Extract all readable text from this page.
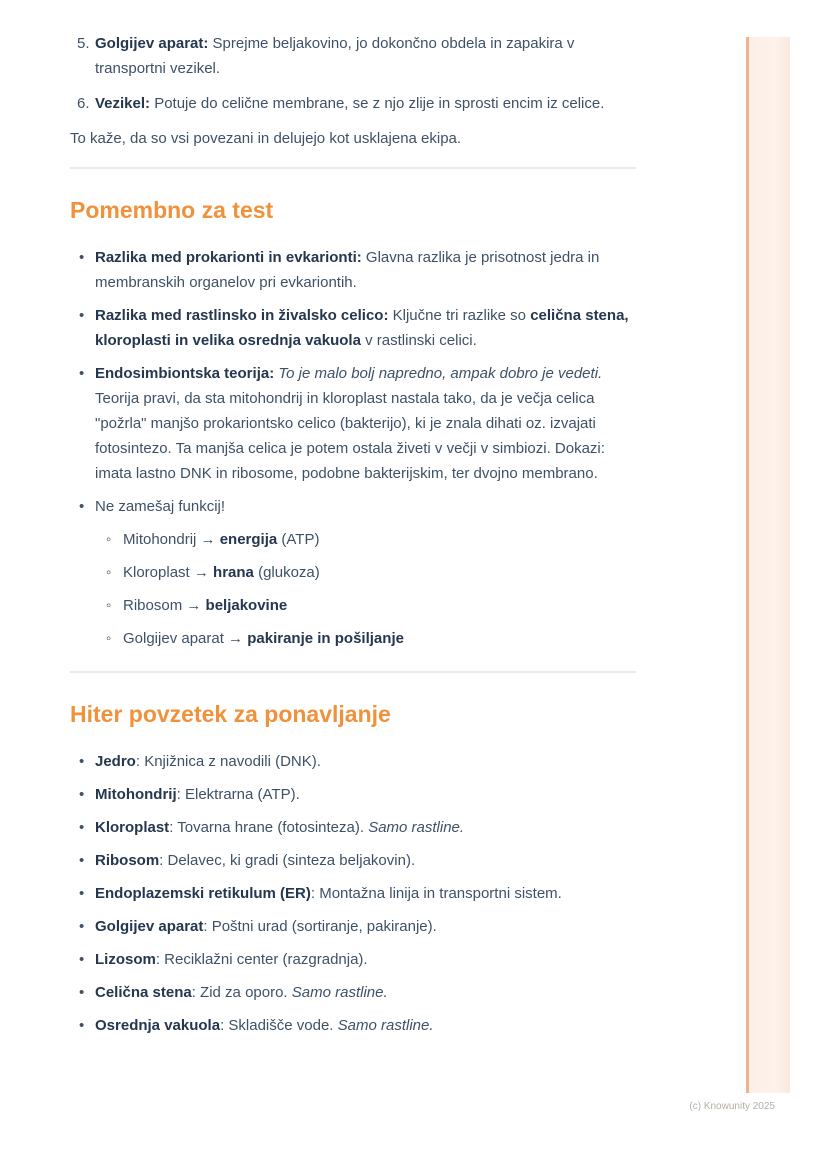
5. Golgijev aparat: Sprejme beljakovino, jo dokončno obdela in zapakira v transportni vezikel.
6. Vezikel: Potuje do celične membrane, se z njo zlije in sprosti encim iz celice.

To kaže, da so vsi povezani in delujejo kot usklajena ekipa.

Pomembno za test
• Razlika med prokarionti in evkarionti: Glavna razlika je prisotnost jedra in membranskih organelov pri evkariontih.
• Razlika med rastlinsko in živalsko celico: Ključne tri razlike so celična stena, kloroplasti in velika osrednja vakuola v rastlinski celici.
• Endosimbiontska teorija: To je malo bolj napredno, ampak dobro je vedeti. Teorija pravi, da sta mitohondrij in kloroplast nastala tako, da je večja celica "požrla" manjšo prokariontsko celico (bakterijo), ki je znala dihati oz. izvajati fotosintezo. Ta manjša celica je potem ostala živeti v večji v simbiozi. Dokazi: imata lastno DNK in ribosome, podobne bakterijskim, ter dvojno membrano.
• Ne zamešaj funkcij!
◦ Mitohondrij → energija (ATP)
◦ Kloroplast → hrana (glukoza)
◦ Ribosom → beljakovine
◦ Golgijev aparat → pakiranje in pošiljanje
Hiter povzetek za ponavljanje
• Jedro: Knjižnica z navodili (DNK).
• Mitohondrij: Elektrarna (ATP).
• Kloroplast: Tovarna hrane (fotosinteza). Samo rastline.
• Ribosom: Delavec, ki gradi (sinteza beljakovin).
• Endoplazemski retikulum (ER): Montažna linija in transportni sistem.
• Golgijev aparat: Poštni urad (sortiranje, pakiranje).
• Lizosom: Reciklažni center (razgradnja).
• Celična stena: Zid za oporo. Samo rastline.
• Osrednja vakuola: Skladišče vode. Samo rastline.
(c) Knowunity 2025
